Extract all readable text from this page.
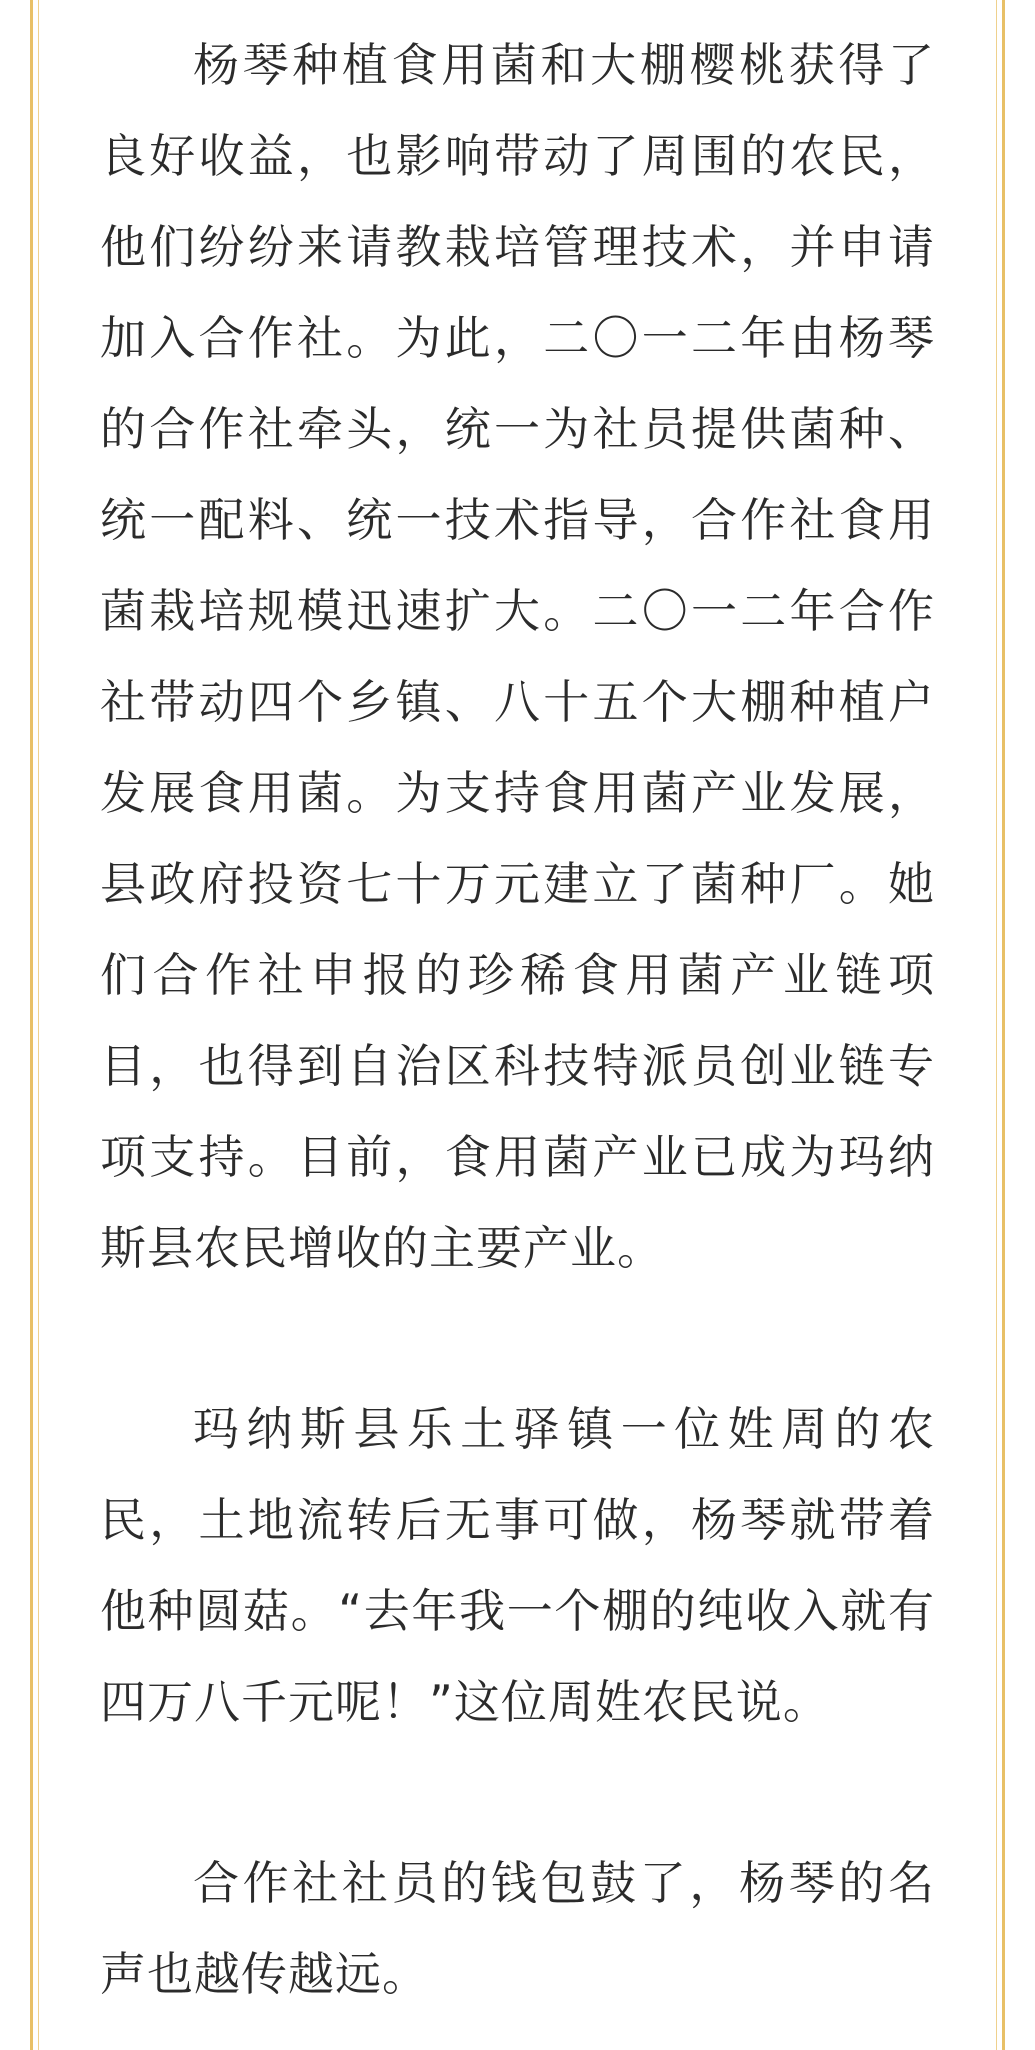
杨琴种植食用菌和大棚樱桃获得了良好收益，也影响带动了周围的农民，他们纷纷来请教栽培管理技术，并申请加入合作社。为此，二〇一二年由杨琴的合作社牵头，统一为社员提供菌种、统一配料、统一技术指导，合作社食用菌栽培规模迅速扩大。二〇一二年合作社带动四个乡镇、八十五个大棚种植户发展食用菌。为支持食用菌产业发展，县政府投资七十万元建立了菌种厂。她们合作社申报的珍稀食用菌产业链项目，也得到自治区科技特派员创业链专项支持。目前，食用菌产业已成为玛纳斯县农民增收的主要产业。

玛纳斯县乐土驿镇一位姓周的农民，土地流转后无事可做，杨琴就带着他种圆菇。“去年我一个棚的纯收入就有四万八千元呢！”这位周姓农民说。

合作社社员的钱包鼓了，杨琴的名声也越传越远。
